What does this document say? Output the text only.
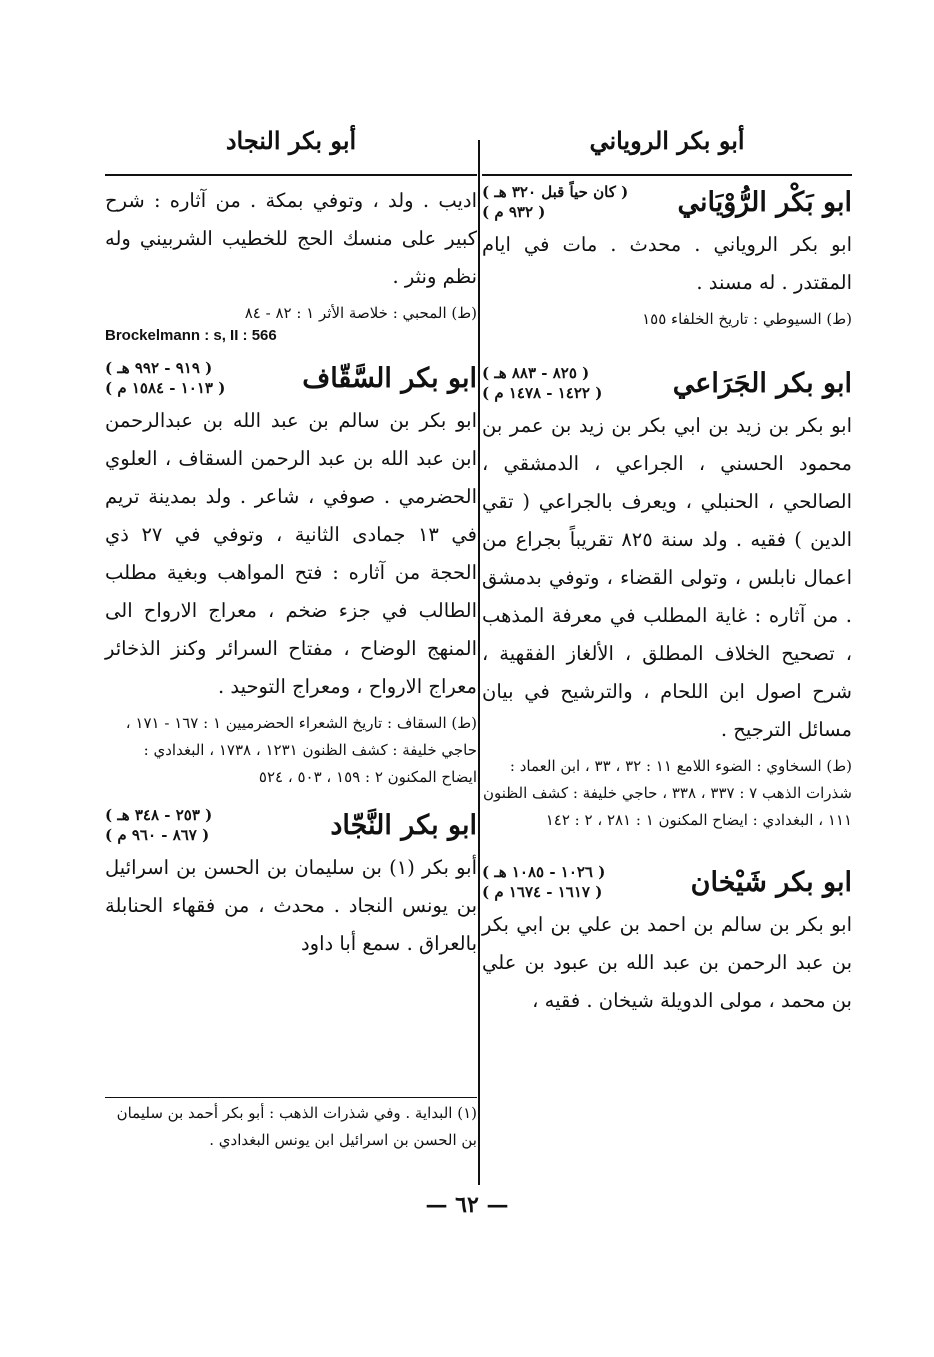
أبو بكر الروياني
أبو بكر النجاد
ابو بَكْر الرُّوْيَاني
( كان حياً قبل ٣٢٠ هـ )
( ٩٣٢ م )
ابو بكر الروياني . محدث . مات في ايام المقتدر . له مسند .
(ط) السيوطي : تاريخ الخلفاء ١٥٥
ابو بكر الجَرَاعي
( ٨٢٥ - ٨٨٣ هـ )
( ١٤٢٢ - ١٤٧٨ م )
ابو بكر بن زيد بن ابي بكر بن زيد بن عمر بن محمود الحسني ، الجراعي ، الدمشقي ، الصالحي ، الحنبلي ، ويعرف بالجراعي ( تقي الدين ) فقيه . ولد سنة ٨٢٥ تقريباً بجراع من اعمال نابلس ، وتولى القضاء ، وتوفي بدمشق . من آثاره : غاية المطلب في معرفة المذهب ، تصحيح الخلاف المطلق ، الألغاز الفقهية ، شرح اصول ابن اللحام ، والترشيح في بيان مسائل الترجيح .
(ط) السخاوي : الضوء اللامع ١١ : ٣٢ ، ٣٣ ، ابن العماد : شذرات الذهب ٧ : ٣٣٧ ، ٣٣٨ ، حاجي خليفة : كشف الظنون ١١١ ، البغدادي : ايضاح المكنون ١ : ٢٨١ ، ٢ : ١٤٢
ابو بكر شَيْخان
( ١٠٢٦ - ١٠٨٥ هـ )
( ١٦١٧ - ١٦٧٤ م )
ابو بكر بن سالم بن احمد بن علي بن ابي بكر بن عبد الرحمن بن عبد الله بن عبود بن علي بن محمد ، مولى الدويلة شيخان . فقيه ،
اديب . ولد ، وتوفي بمكة . من آثاره : شرح كبير على منسك الحج للخطيب الشربيني وله نظم ونثر .
(ط) المحبي : خلاصة الأثر ١ : ٨٢ - ٨٤
Brockelmann : s, II : 566
ابو بكر السَّقّاف
( ٩١٩ - ٩٩٢ هـ )
( ١٠١٣ - ١٥٨٤ م )
ابو بكر بن سالم بن عبد الله بن عبدالرحمن ابن عبد الله بن عبد الرحمن السقاف ، العلوي الحضرمي . صوفي ، شاعر . ولد بمدينة تريم في ١٣ جمادى الثانية ، وتوفي في ٢٧ ذي الحجة من آثاره : فتح المواهب وبغية مطلب الطالب في جزء ضخم ، معراج الارواح الى المنهج الوضاح ، مفتاح السرائر وكنز الذخائر معراج الارواح ، ومعراج التوحيد .
(ط) السقاف : تاريخ الشعراء الحضرميين ١ : ١٦٧ - ١٧١ ، حاجي خليفة : كشف الظنون ١٢٣١ ، ١٧٣٨ ، البغدادي : ايضاح المكنون ٢ : ١٥٩ ، ٥٠٣ ، ٥٢٤
ابو بكر النَّجّاد
( ٢٥٣ - ٣٤٨ هـ )
( ٨٦٧ - ٩٦٠ م )
أبو بكر (١) بن سليمان بن الحسن بن اسرائيل بن يونس النجاد . محدث ، من فقهاء الحنابلة بالعراق . سمع أبا داود
(١) البداية . وفي شذرات الذهب : أبو بكر أحمد بن سليمان بن الحسن بن اسرائيل ابن يونس البغدادي .
— ٦٢ —
